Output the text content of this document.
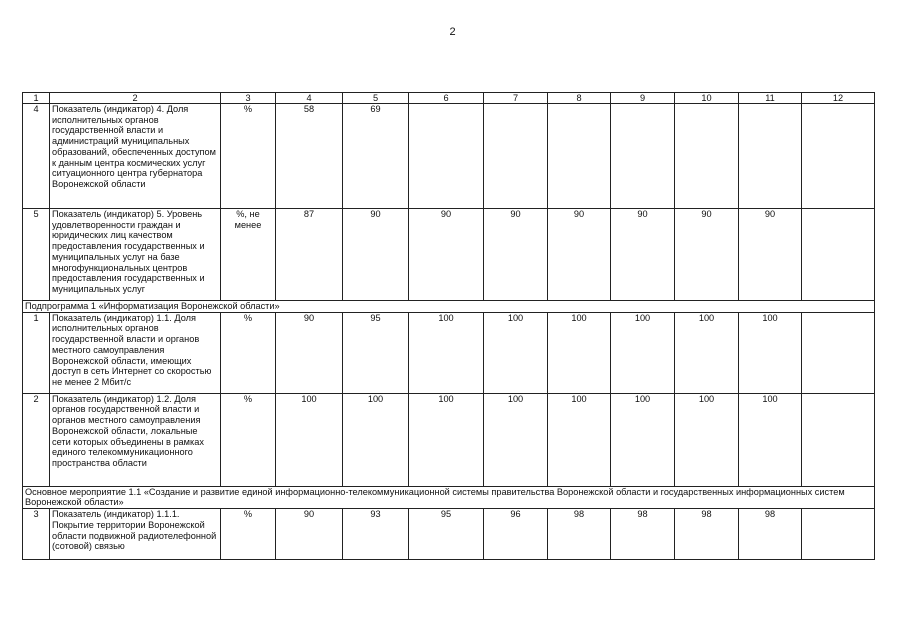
2
1	2	3	4	5	6	7	8	9	10	11	12
4	Показатель (индикатор) 4. Доля исполнительных органов государственной власти и администраций муниципальных образований, обеспеченных доступом к данным центра космических услуг ситуационного центра губернатора Воронежской области	%	58	69							
5	Показатель (индикатор) 5. Уровень удовлетворенности граждан и юридических лиц качеством предоставления государственных и муниципальных услуг на базе многофункциональных центров предоставления государственных и муниципальных услуг	%, не менее	87	90	90	90	90	90	90	90	
Подпрограмма 1 «Информатизация Воронежской области»											
1	Показатель (индикатор) 1.1. Доля исполнительных органов государственной власти и органов местного самоуправления Воронежской области, имеющих доступ в сеть Интернет со скоростью не менее 2 Мбит/с	%	90	95	100	100	100	100	100	100	
2	Показатель (индикатор) 1.2. Доля органов государственной власти и органов местного самоуправления Воронежской области, локальные сети которых объединены в рамках единого телекоммуникационного пространства области	%	100	100	100	100	100	100	100	100	
Основное мероприятие 1.1 «Создание и развитие единой информационно-телекоммуникационной системы правительства Воронежской области и государственных информационных систем Воронежской области»											
3	Показатель (индикатор) 1.1.1. Покрытие территории Воронежской области подвижной радиотелефонной (сотовой) связью	%	90	93	95	96	98	98	98	98	
